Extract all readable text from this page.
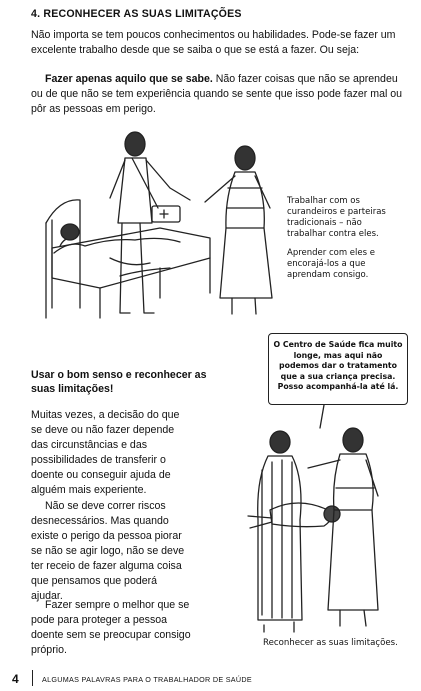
4. RECONHECER AS SUAS LIMITAÇÕES
Não importa se tem poucos conhecimentos ou habilidades. Pode-se fazer um excelente trabalho desde que se saiba o que se está a fazer. Ou seja:
Fazer apenas aquilo que se sabe. Não fazer coisas que não se aprendeu ou de que não se tem experiência quando se sente que isso pode fazer mal ou pôr as pessoas em perigo.
Trabalhar com os curandeiros e parteiras tradicionais – não trabalhar contra eles.
Aprender com eles e encorajá-los a que aprendam consigo.
Usar o bom senso e reconhecer as suas limitações!
Muitas vezes, a decisão do que se deve ou não fazer depende das circunstâncias e das possibilidades de transferir o doente ou conseguir ajuda de alguém mais experiente.
Não se deve correr riscos desnecessários. Mas quando existe o perigo da pessoa piorar se não se agir logo, não se deve ter receio de fazer alguma coisa que pensamos que poderá ajudar.
Fazer sempre o melhor que se pode para proteger a pessoa doente sem se preocupar consigo próprio.
O Centro de Saúde fica muito longe, mas aqui não podemos dar o tratamento que a sua criança precisa. Posso acompanhá-la até lá.
Reconhecer as suas limitações.
4	ALGUMAS PALAVRAS PARA O TRABALHADOR DE SAÚDE
